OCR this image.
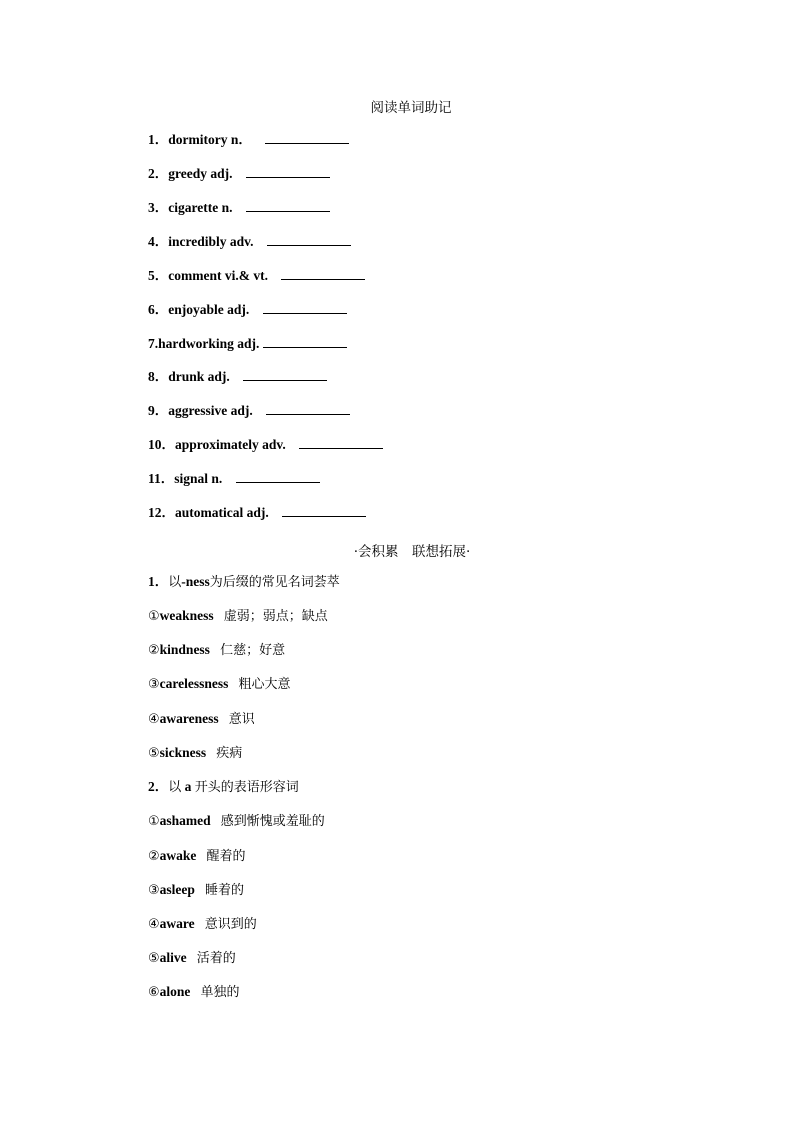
阅读单词助记
1．dormitory n．
2．greedy adj.
3．cigarette n.
4．incredibly adv.
5．comment vi.& vt.
6．enjoyable adj.
7.hardworking adj.
8．drunk adj.
9．aggressive adj.
10．approximately adv.
11．signal n.
12．automatical adj.
·会积累　联想拓展·
1．以-ness为后缀的常见名词荟萃
①weakness 虚弱；弱点；缺点
②kindness 仁慈；好意
③carelessness 粗心大意
④awareness 意识
⑤sickness 疾病
2．以 a 开头的表语形容词
①ashamed 感到惭愧或羞耻的
②awake 醒着的
③asleep 睡着的
④aware 意识到的
⑤alive 活着的
⑥alone 单独的
